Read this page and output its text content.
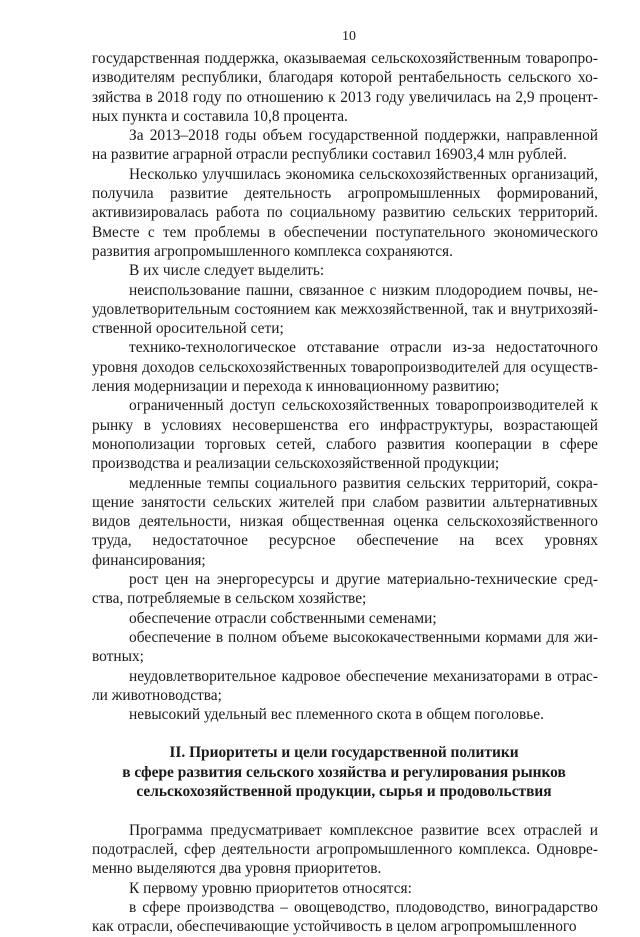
10

государственная поддержка, оказываемая сельскохозяйственным товаропроизводителям республики, благодаря которой рентабельность сельского хозяйства в 2018 году по отношению к 2013 году увеличилась на 2,9 процентных пункта и составила 10,8 процента.

За 2013–2018 годы объем государственной поддержки, направленной на развитие аграрной отрасли республики составил 16903,4 млн рублей.

Несколько улучшилась экономика сельскохозяйственных организаций, получила развитие деятельность агропромышленных формирований, активизировалась работа по социальному развитию сельских территорий. Вместе с тем проблемы в обеспечении поступательного экономического развития агропромышленного комплекса сохраняются.

В их числе следует выделить:

неиспользование пашни, связанное с низким плодородием почвы, неудовлетворительным состоянием как межхозяйственной, так и внутрихозяйственной оросительной сети;

технико-технологическое отставание отрасли из-за недостаточного уровня доходов сельскохозяйственных товаропроизводителей для осуществления модернизации и перехода к инновационному развитию;

ограниченный доступ сельскохозяйственных товаропроизводителей к рынку в условиях несовершенства его инфраструктуры, возрастающей монополизации торговых сетей, слабого развития кооперации в сфере производства и реализации сельскохозяйственной продукции;

медленные темпы социального развития сельских территорий, сокращение занятости сельских жителей при слабом развитии альтернативных видов деятельности, низкая общественная оценка сельскохозяйственного труда, недостаточное ресурсное обеспечение на всех уровнях финансирования;

рост цен на энергоресурсы и другие материально-технические средства, потребляемые в сельском хозяйстве;

обеспечение отрасли собственными семенами;

обеспечение в полном объеме высококачественными кормами для животных;

неудовлетворительное кадровое обеспечение механизаторами в отрасли животноводства;

невысокий удельный вес племенного скота в общем поголовье.

II. Приоритеты и цели государственной политики

в сфере развития сельского хозяйства и регулирования рынков

сельскохозяйственной продукции, сырья и продовольствия

Программа предусматривает комплексное развитие всех отраслей и подотраслей, сфер деятельности агропромышленного комплекса. Одновременно выделяются два уровня приоритетов.

К первому уровню приоритетов относятся:

в сфере производства – овощеводство, плодоводство, виноградарство как отрасли, обеспечивающие устойчивость в целом агропромышленного
